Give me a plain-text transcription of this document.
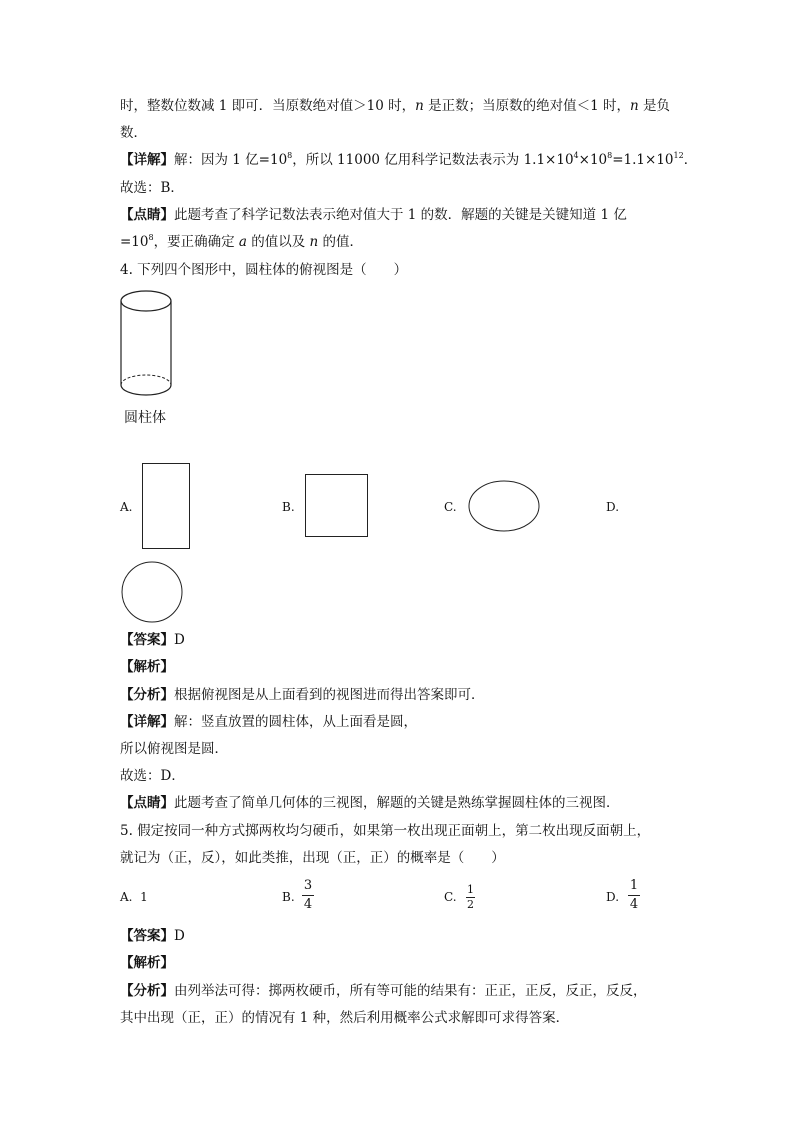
时，整数位数减 1 即可．当原数绝对值＞10 时，n 是正数；当原数的绝对值＜1 时，n 是负
数．
【详解】解：因为 1 亿$=10^8$，所以 11000 亿用科学记数法表示为 $1.1\times 10^4\times 10^8=1.1\times 10^{12}$．
故选：B．
【点睛】此题考查了科学记数法表示绝对值大于 1 的数．解题的关键是关键知道 1 亿
$=10^8$，要正确确定 a 的值以及 n 的值．
4. 下列四个图形中，圆柱体的俯视图是（　　）
圆柱体
A.	B.	C.	D.
【答案】D
【解析】
【分析】根据俯视图是从上面看到的视图进而得出答案即可．
【详解】解：竖直放置的圆柱体，从上面看是圆，
所以俯视图是圆．
故选：D．
【点睛】此题考查了简单几何体的三视图，解题的关键是熟练掌握圆柱体的三视图．
5. 假定按同一种方式掷两枚均匀硬币，如果第一枚出现正面朝上，第二枚出现反面朝上，
就记为（正，反），如此类推，出现（正，正）的概率是（　　）
A. 1	B.
3
4	C.
1
2
D.
1
4
【答案】D
【解析】
【分析】由列举法可得：掷两枚硬币，所有等可能的结果有：正正，正反，反正，反反，
其中出现（正，正）的情况有 1 种，然后利用概率公式求解即可求得答案．
